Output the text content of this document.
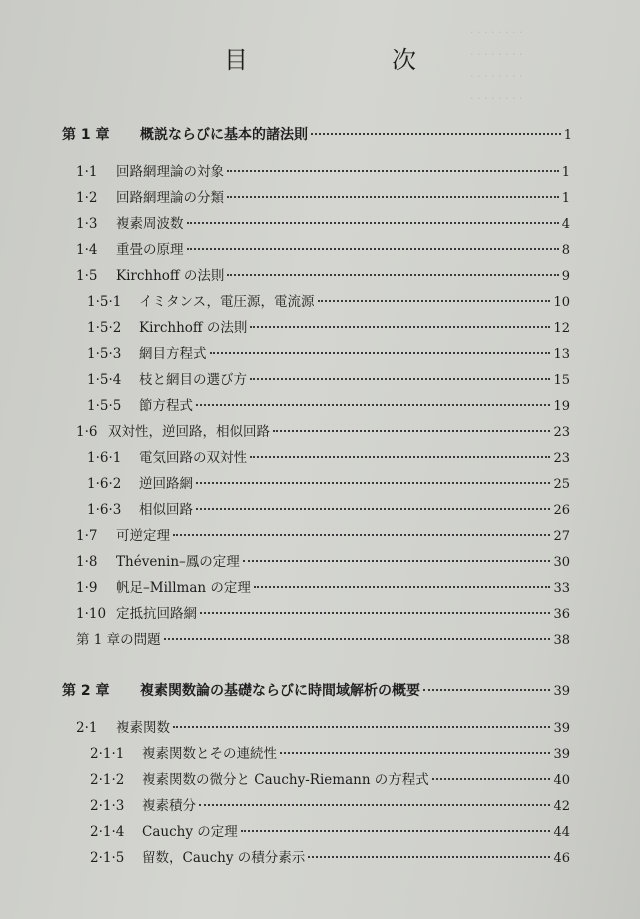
· · · · · · · ·
· · · · · · · ·
· · · · · · · ·
· · · · · · · ·
目　次
第 1 章	概説ならびに基本的諸法則	1
1·1	回路網理論の対象	1
1·2	回路網理論の分類	1
1·3	複素周波数	4
1·4	重畳の原理	8
1·5	Kirchhoff の法則	9
1·5·1	イミタンス，電圧源，電流源	10
1·5·2	Kirchhoff の法則	12
1·5·3	網目方程式	13
1·5·4	枝と網目の選び方	15
1·5·5	節方程式	19
1·6 双対性，逆回路，相似回路	23
1·6·1	電気回路の双対性	23
1·6·2	逆回路網	25
1·6·3	相似回路	26
1·7	可逆定理	27
1·8	Thévenin–鳳の定理	30
1·9	帆足–Millman の定理	33
1·10 定抵抗回路網	36
第 1 章の問題	38
第 2 章	複素関数論の基礎ならびに時間域解析の概要	39
2·1	複素関数	39
2·1·1	複素関数とその連続性	39
2·1·2	複素関数の微分と Cauchy-Riemann の方程式	40
2·1·3	複素積分	42
2·1·4	Cauchy の定理	44
2·1·5	留数，Cauchy の積分素示	46
